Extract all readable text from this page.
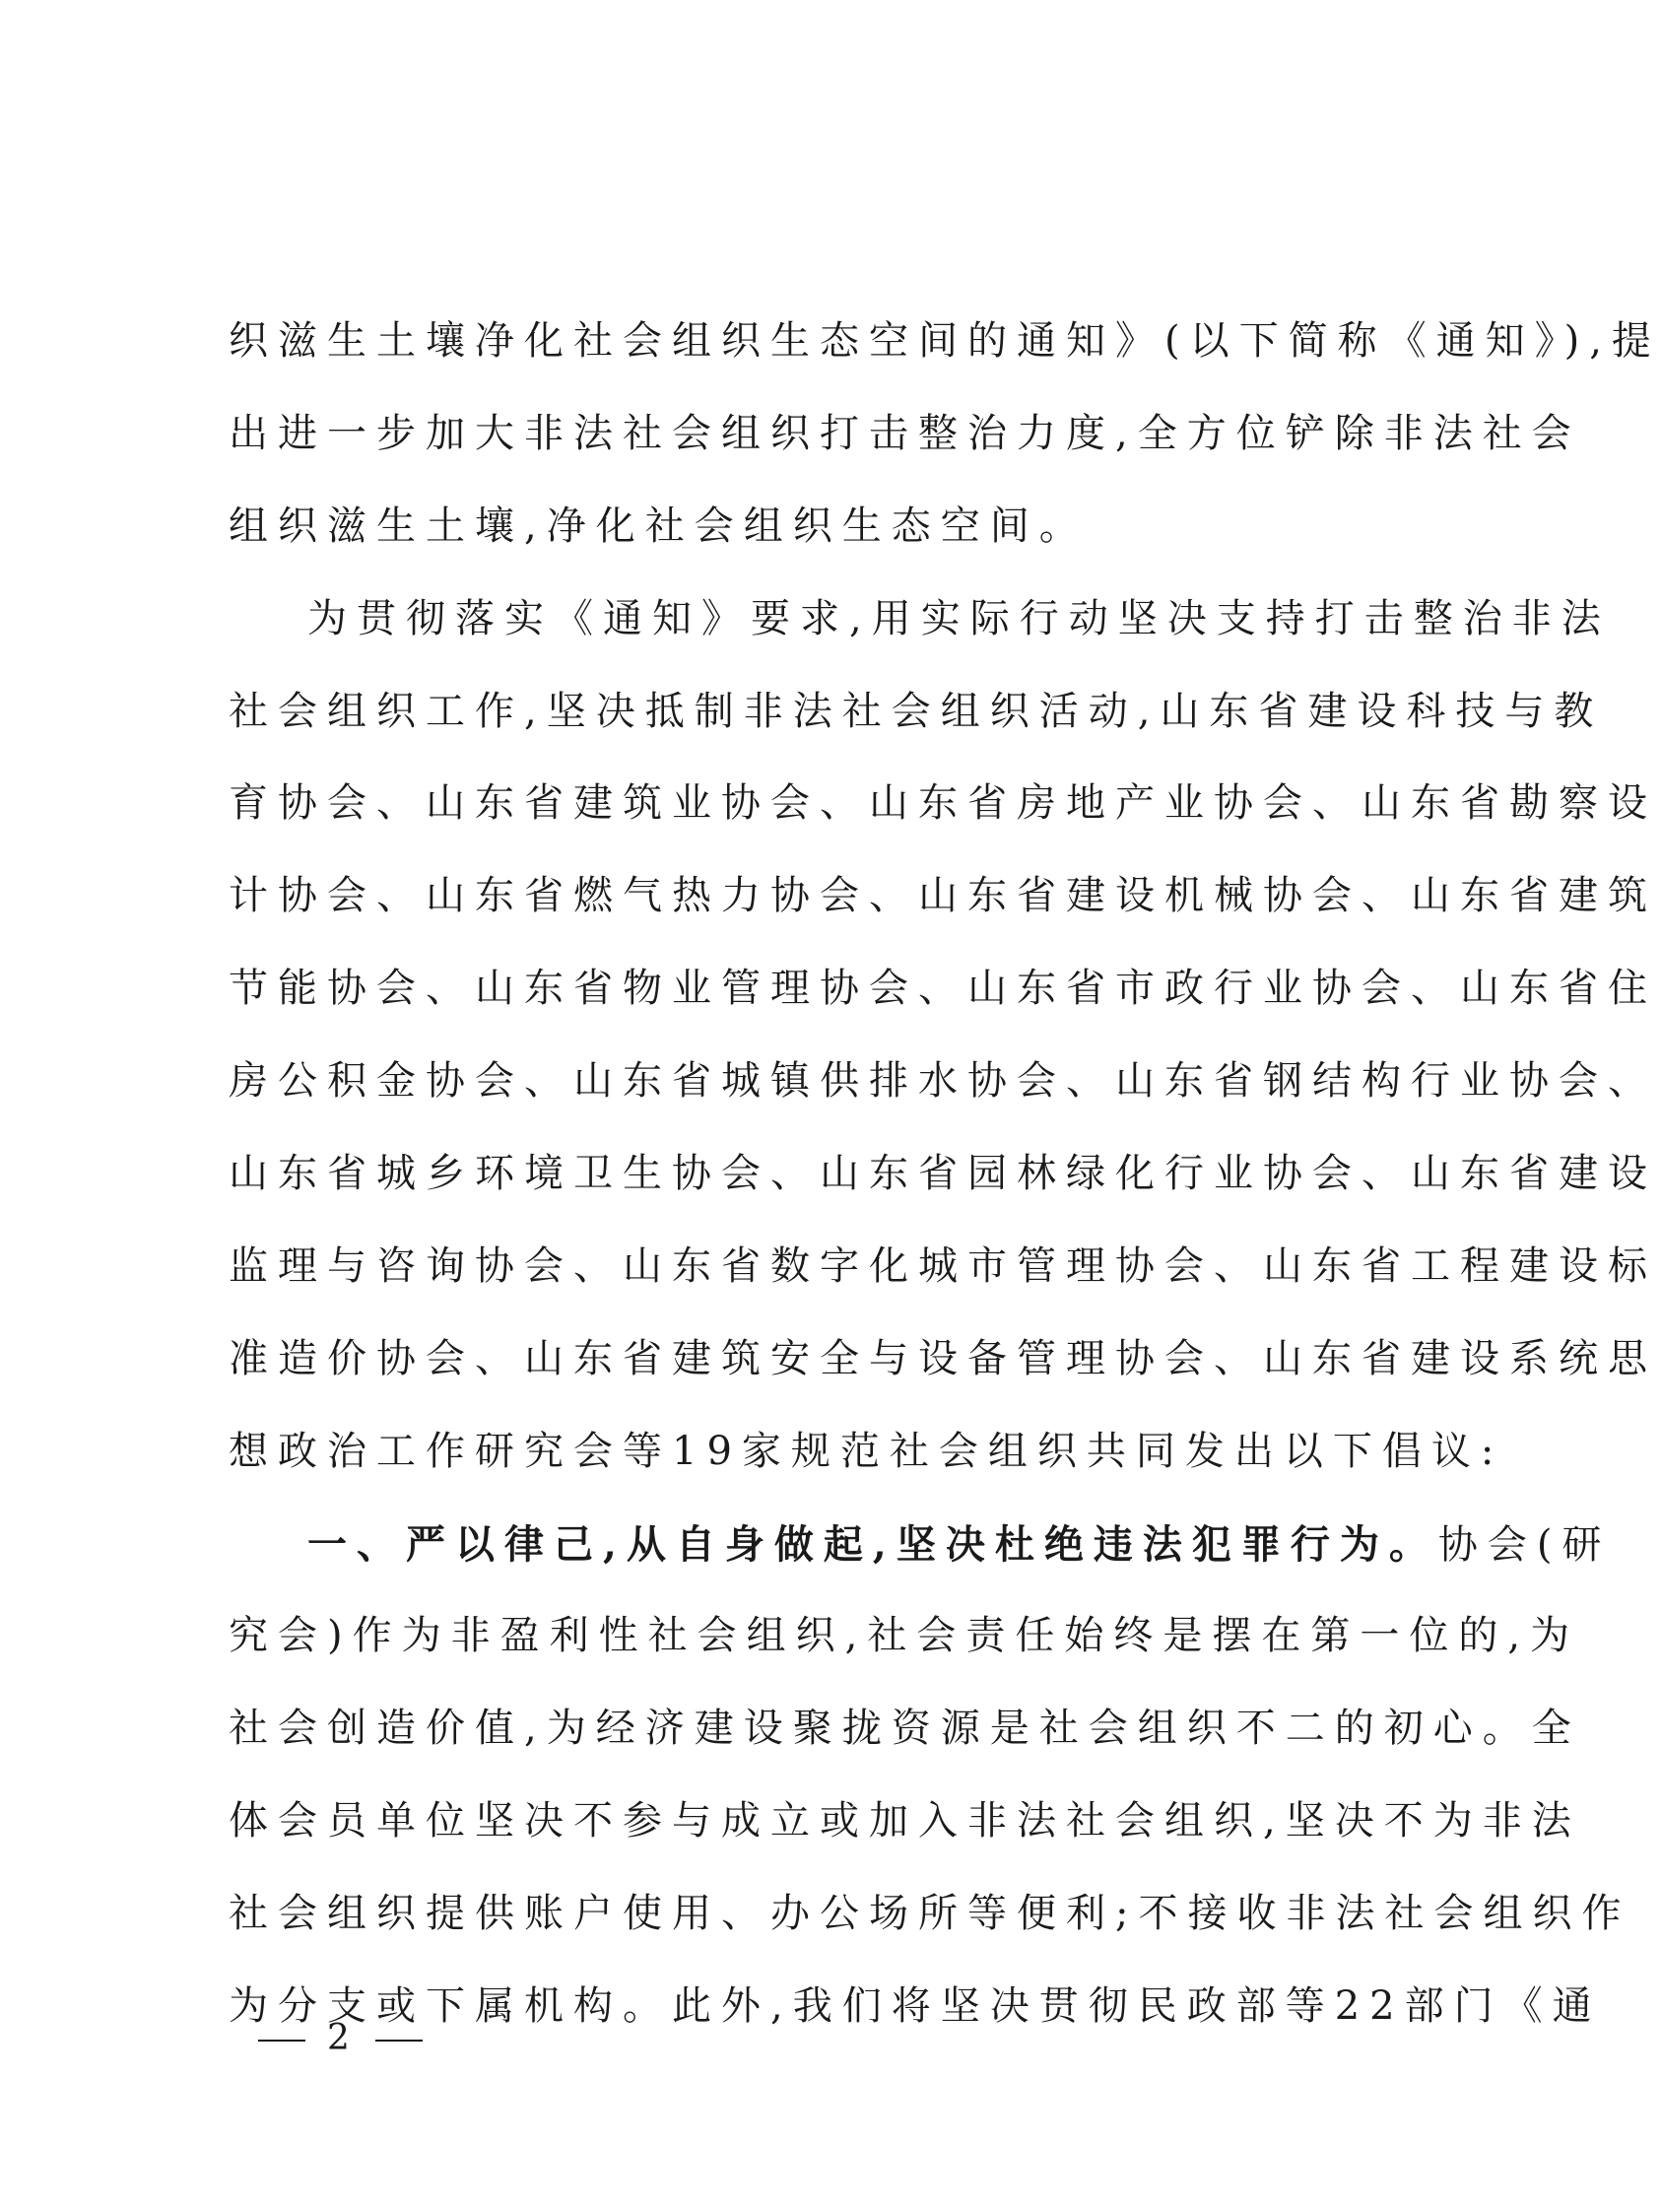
织滋生土壤净化社会组织生态空间的通知》(以下简称《通知》),提
出进一步加大非法社会组织打击整治力度,全方位铲除非法社会
组织滋生土壤,净化社会组织生态空间。
为贯彻落实《通知》要求,用实际行动坚决支持打击整治非法
社会组织工作,坚决抵制非法社会组织活动,山东省建设科技与教
育协会、山东省建筑业协会、山东省房地产业协会、山东省勘察设
计协会、山东省燃气热力协会、山东省建设机械协会、山东省建筑
节能协会、山东省物业管理协会、山东省市政行业协会、山东省住
房公积金协会、山东省城镇供排水协会、山东省钢结构行业协会、
山东省城乡环境卫生协会、山东省园林绿化行业协会、山东省建设
监理与咨询协会、山东省数字化城市管理协会、山东省工程建设标
准造价协会、山东省建筑安全与设备管理协会、山东省建设系统思
想政治工作研究会等19家规范社会组织共同发出以下倡议:
一、严以律己,从自身做起,坚决杜绝违法犯罪行为。协会(研
究会)作为非盈利性社会组织,社会责任始终是摆在第一位的,为
社会创造价值,为经济建设聚拢资源是社会组织不二的初心。全
体会员单位坚决不参与成立或加入非法社会组织,坚决不为非法
社会组织提供账户使用、办公场所等便利;不接收非法社会组织作
为分支或下属机构。此外,我们将坚决贯彻民政部等22部门《通
2
